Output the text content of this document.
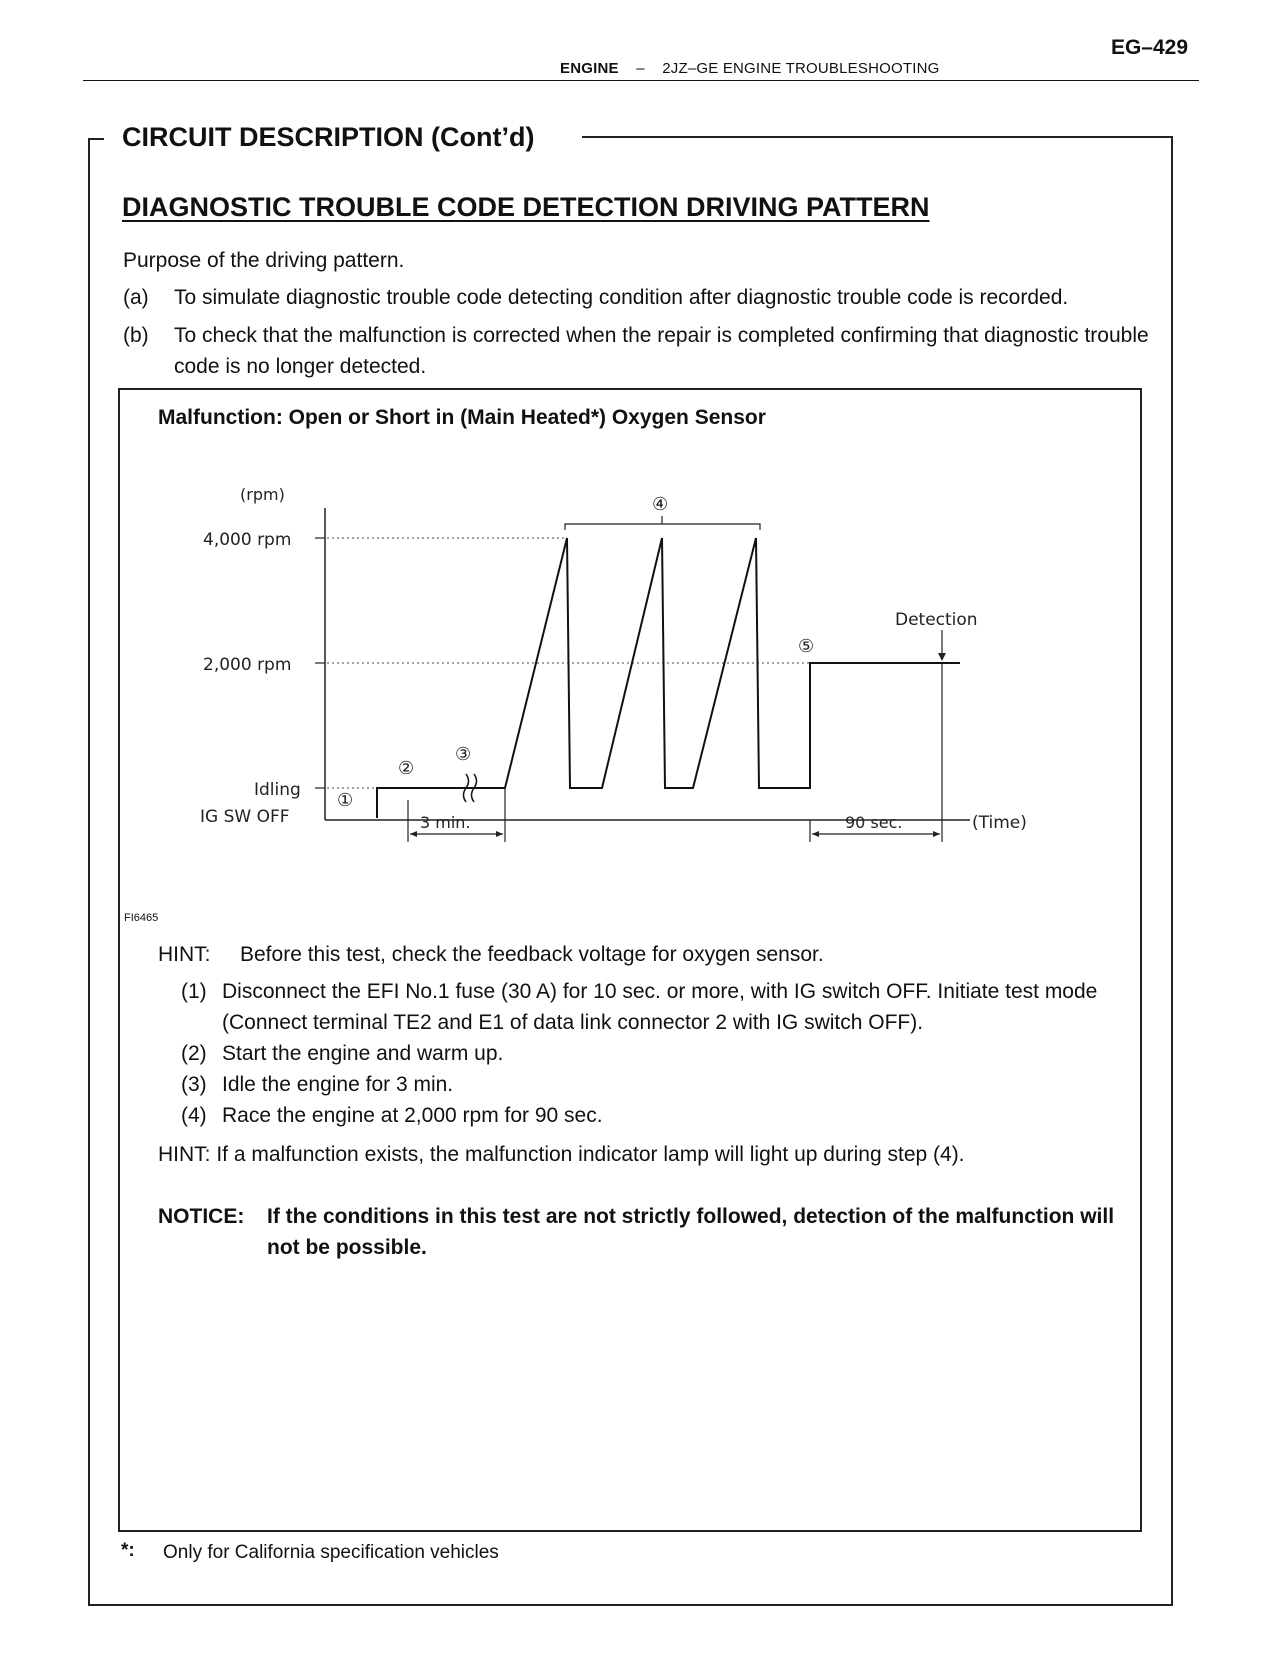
EG–429
ENGINE – 2JZ–GE ENGINE TROUBLESHOOTING
CIRCUIT DESCRIPTION (Cont’d)
DIAGNOSTIC TROUBLE CODE DETECTION DRIVING PATTERN
Purpose of the driving pattern.
(a) To simulate diagnostic trouble code detecting condition after diagnostic trouble code is recorded.
(b) To check that the malfunction is corrected when the repair is completed confirming that diagnostic trouble code is no longer detected.
Malfunction: Open or Short in (Main Heated*) Oxygen Sensor
(rpm)
4,000 rpm
2,000 rpm
Idling
IG SW OFF
①
②
③
④
⑤
Detection
3 min.	90 sec.	(Time)
FI6465
HINT: Before this test, check the feedback voltage for oxygen sensor.
(1) Disconnect the EFI No.1 fuse (30 A) for 10 sec. or more, with IG switch OFF. Initiate test mode (Connect terminal TE2 and E1 of data link connector 2 with IG switch OFF).
(2) Start the engine and warm up.
(3) Idle the engine for 3 min.
(4) Race the engine at 2,000 rpm for 90 sec.
HINT: If a malfunction exists, the malfunction indicator lamp will light up during step (4).
NOTICE: If the conditions in this test are not strictly followed, detection of the malfunction will not be possible.
*: Only for California specification vehicles
